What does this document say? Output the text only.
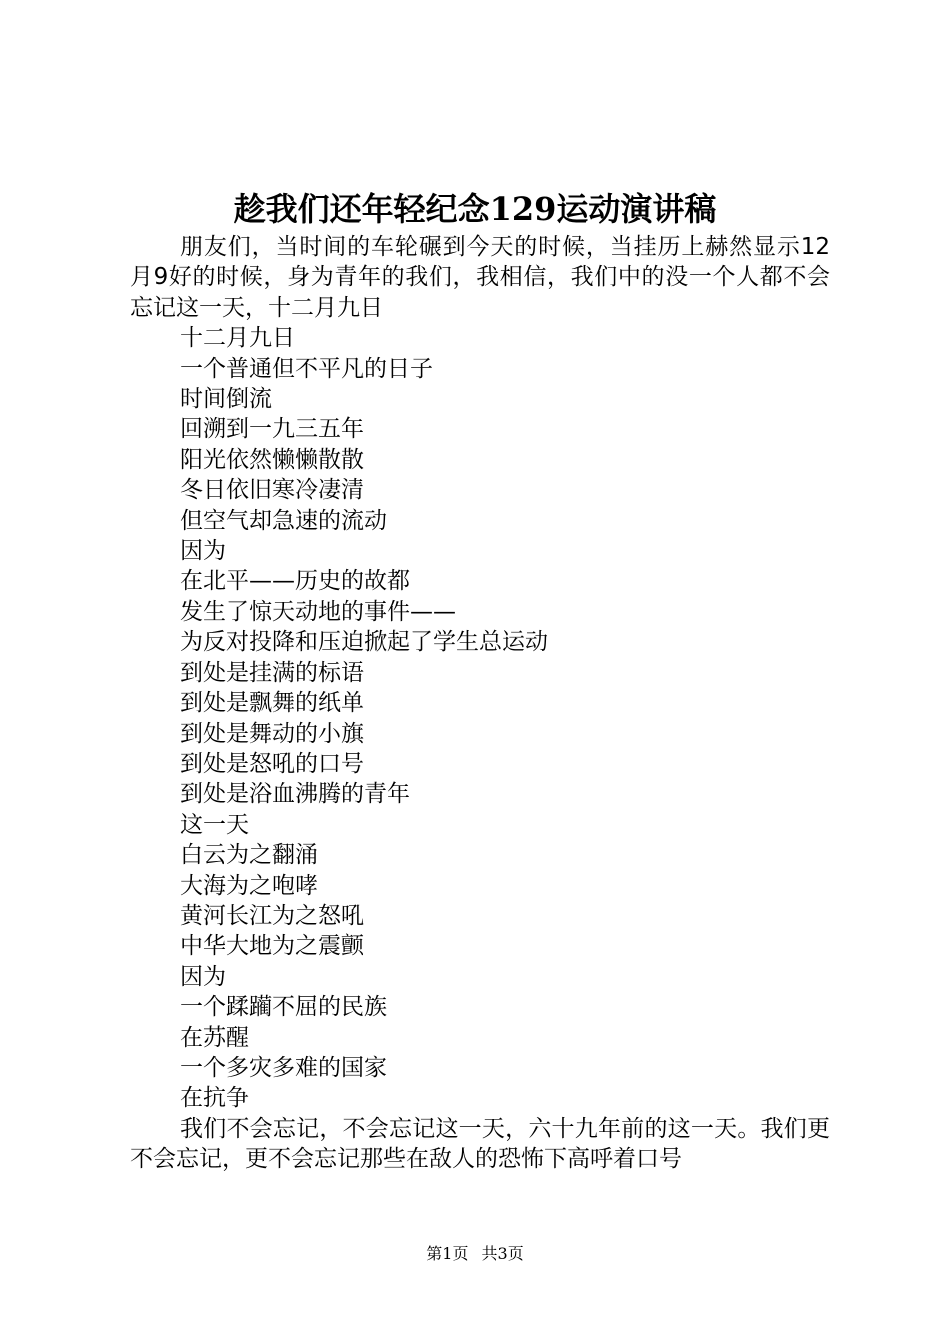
趁我们还年轻纪念129运动演讲稿

朋友们，当时间的车轮碾到今天的时候，当挂历上赫然显示12月9好的时候，身为青年的我们，我相信，我们中的没一个人都不会忘记这一天，十二月九日

十二月九日

一个普通但不平凡的日子

时间倒流

回溯到一九三五年

阳光依然懒懒散散

冬日依旧寒冷凄清

但空气却急速的流动

因为

在北平——历史的故都

发生了惊天动地的事件——

为反对投降和压迫掀起了学生总运动

到处是挂满的标语

到处是飘舞的纸单

到处是舞动的小旗

到处是怒吼的口号

到处是浴血沸腾的青年

这一天

白云为之翻涌

大海为之咆哮

黄河长江为之怒吼

中华大地为之震颤

因为

一个蹂躏不屈的民族

在苏醒

一个多灾多难的国家

在抗争

我们不会忘记，不会忘记这一天，六十九年前的这一天。我们更不会忘记，更不会忘记那些在敌人的恐怖下高呼着口号

第1页 共3页
